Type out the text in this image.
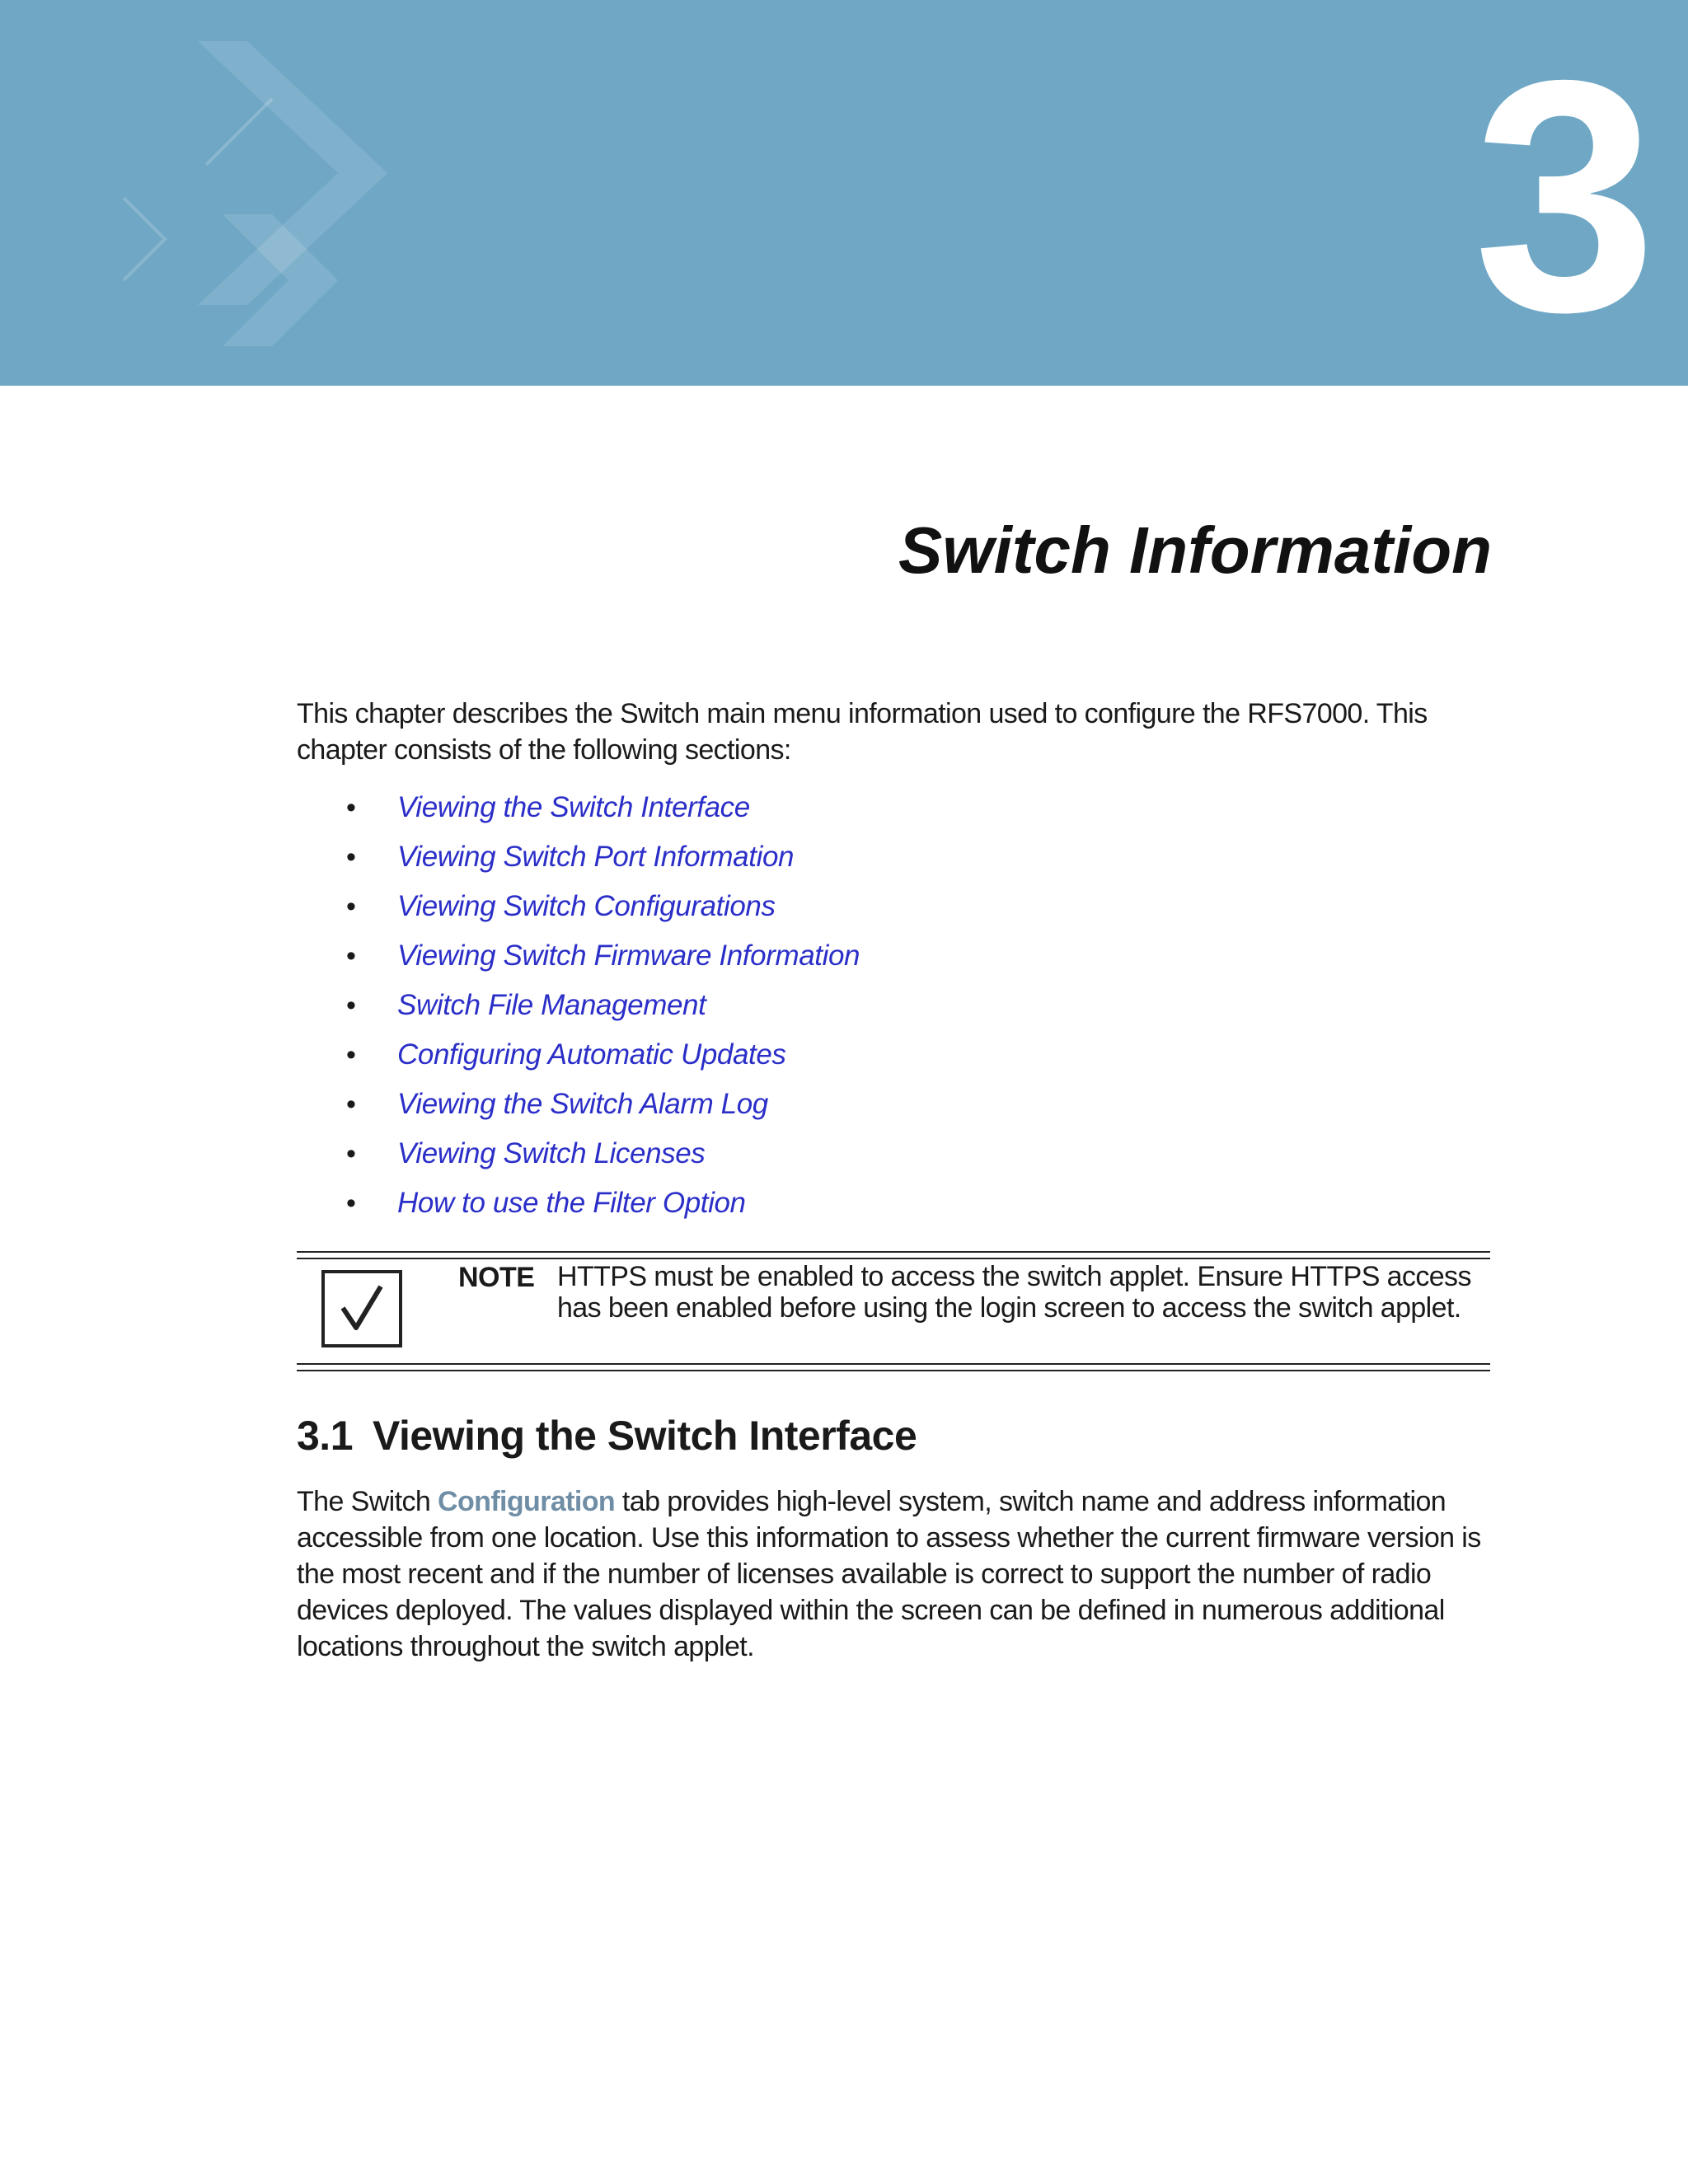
3
Switch Information

This chapter describes the Switch main menu information used to configure the RFS7000. This chapter consists of the following sections:

• Viewing the Switch Interface
• Viewing Switch Port Information
• Viewing Switch Configurations
• Viewing Switch Firmware Information
• Switch File Management
• Configuring Automatic Updates
• Viewing the Switch Alarm Log
• Viewing Switch Licenses
• How to use the Filter Option
NOTE HTTPS must be enabled to access the switch applet. Ensure HTTPS access has been enabled before using the login screen to access the switch applet.

3.1 Viewing the Switch Interface

The Switch Configuration tab provides high-level system, switch name and address information accessible from one location. Use this information to assess whether the current firmware version is the most recent and if the number of licenses available is correct to support the number of radio devices deployed. The values displayed within the screen can be defined in numerous additional locations throughout the switch applet.
